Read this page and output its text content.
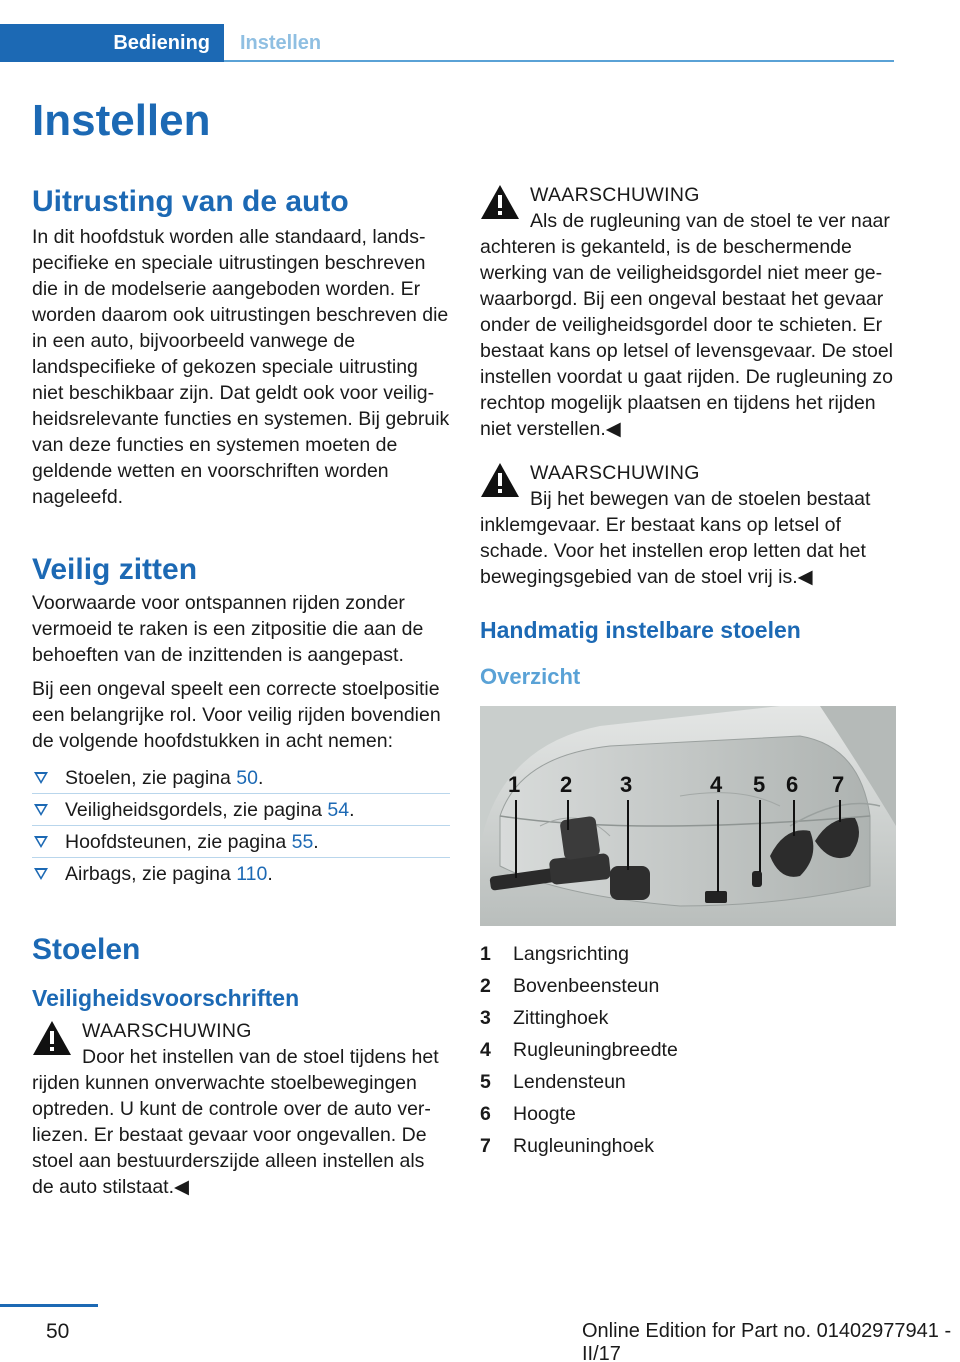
Bediening Instellen
Instellen
Uitrusting van de auto

In dit hoofdstuk worden alle standaard, landspecifieke en speciale uitrustingen beschreven die in de modelserie aangeboden worden. Er worden daarom ook uitrustingen beschreven die in een auto, bijvoorbeeld vanwege de landspecifieke of gekozen speciale uitrusting niet beschikbaar zijn. Dat geldt ook voor veiligheidsrelevante functies en systemen. Bij gebruik van deze functies en systemen moeten de geldende wetten en voorschriften worden nageleefd.

Veilig zitten

Voorwaarde voor ontspannen rijden zonder vermoeid te raken is een zitpositie die aan de behoeften van de inzittenden is aangepast.

Bij een ongeval speelt een correcte stoelpositie een belangrijke rol. Voor veilig rijden bovendien de volgende hoofdstukken in acht nemen:

Stoelen, zie pagina
50 .
Veiligheidsgordels, zie pagina
54 .
Hoofdsteunen, zie pagina
55 .
Airbags, zie pagina
110 .
Stoelen
Veiligheidsvoorschriften

WAARSCHUWING

Door het instellen van de stoel tijdens het

rijden kunnen onverwachte stoelbewegingen optreden. U kunt de controle over de auto verliezen. Er bestaat gevaar voor ongevallen. De stoel aan bestuurderszijde alleen instellen als de auto stilstaat.◀

WAARSCHUWING

Als de rugleuning van de stoel te ver naar

achteren is gekanteld, is de beschermende werking van de veiligheidsgordel niet meer gewaarborgd. Bij een ongeval bestaat het gevaar onder de veiligheidsgordel door te schieten. Er bestaat kans op letsel of levensgevaar. De stoel instellen voordat u gaat rijden. De rugleuning zo rechtop mogelijk plaatsen en tijdens het rijden niet verstellen.◀

WAARSCHUWING

Bij het bewegen van de stoelen bestaat

inklemgevaar. Er bestaat kans op letsel of schade. Voor het instellen erop letten dat het bewegingsgebied van de stoel vrij is.◀

Handmatig instelbare stoelen
Overzicht
1 2 3	4 5 6 7
1	Langsrichting
2	Bovenbeensteun
3	Zittinghoek
4	Rugleuningbreedte
5	Lendensteun
6	Hoogte
7	Rugleuninghoek
50	Online Edition for Part no. 01402977941 - II/17
